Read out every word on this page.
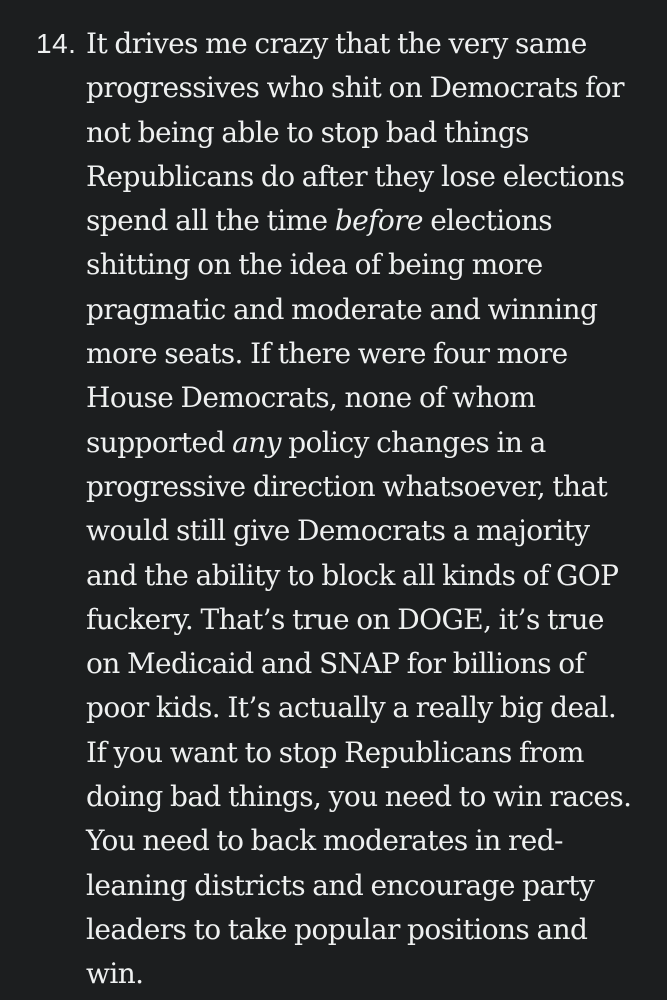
14. It drives me crazy that the very same progressives who shit on Democrats for not being able to stop bad things Republicans do after they lose elections spend all the time before elections shitting on the idea of being more pragmatic and moderate and winning more seats. If there were four more House Democrats, none of whom supported any policy changes in a progressive direction whatsoever, that would still give Democrats a majority and the ability to block all kinds of GOP fuckery. That’s true on DOGE, it’s true on Medicaid and SNAP for billions of poor kids. It’s actually a really big deal. If you want to stop Republicans from doing bad things, you need to win races. You need to back moderates in red-leaning districts and encourage party leaders to take popular positions and win.
